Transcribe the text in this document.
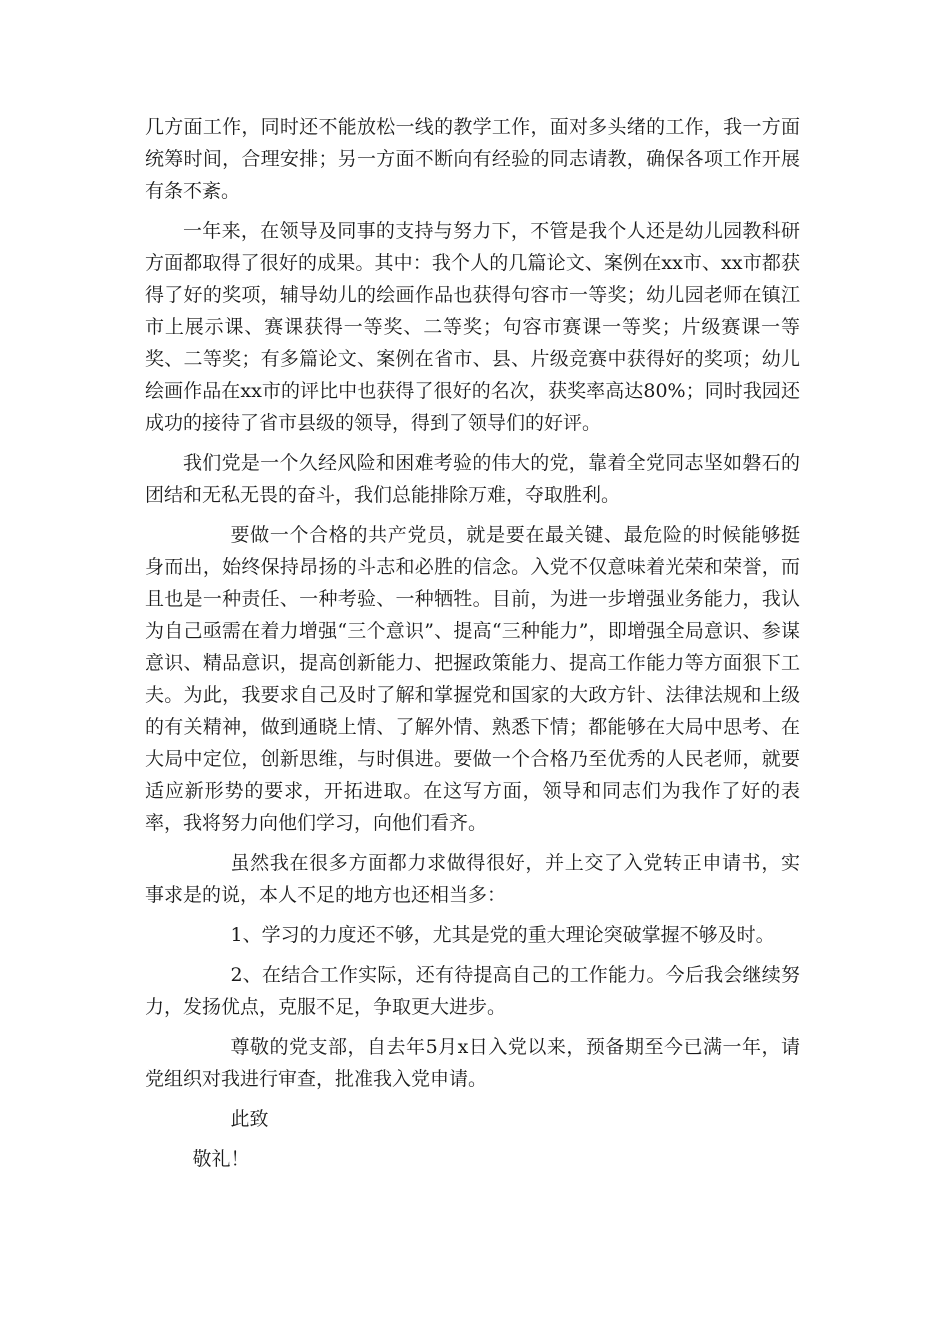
几方面工作，同时还不能放松一线的教学工作，面对多头绪的工作，我一方面统筹时间，合理安排；另一方面不断向有经验的同志请教，确保各项工作开展有条不紊。

一年来，在领导及同事的支持与努力下，不管是我个人还是幼儿园教科研方面都取得了很好的成果。其中：我个人的几篇论文、案例在xx市、xx市都获得了好的奖项，辅导幼儿的绘画作品也获得句容市一等奖；幼儿园老师在镇江市上展示课、赛课获得一等奖、二等奖；句容市赛课一等奖；片级赛课一等奖、二等奖；有多篇论文、案例在省市、县、片级竞赛中获得好的奖项；幼儿绘画作品在xx市的评比中也获得了很好的名次，获奖率高达80%；同时我园还成功的接待了省市县级的领导，得到了领导们的好评。

我们党是一个久经风险和困难考验的伟大的党，靠着全党同志坚如磐石的团结和无私无畏的奋斗，我们总能排除万难，夺取胜利。

要做一个合格的共产党员，就是要在最关键、最危险的时候能够挺身而出，始终保持昂扬的斗志和必胜的信念。入党不仅意味着光荣和荣誉，而且也是一种责任、一种考验、一种牺牲。目前，为进一步增强业务能力，我认为自己亟需在着力增强“三个意识”、提高“三种能力”，即增强全局意识、参谋意识、精品意识，提高创新能力、把握政策能力、提高工作能力等方面狠下工夫。为此，我要求自己及时了解和掌握党和国家的大政方针、法律法规和上级的有关精神，做到通晓上情、了解外情、熟悉下情；都能够在大局中思考、在大局中定位，创新思维，与时俱进。要做一个合格乃至优秀的人民老师，就要适应新形势的要求，开拓进取。在这写方面，领导和同志们为我作了好的表率，我将努力向他们学习，向他们看齐。

虽然我在很多方面都力求做得很好，并上交了入党转正申请书，实事求是的说，本人不足的地方也还相当多：

1、学习的力度还不够，尤其是党的重大理论突破掌握不够及时。

2、在结合工作实际，还有待提高自己的工作能力。今后我会继续努力，发扬优点，克服不足，争取更大进步。

尊敬的党支部，自去年5月x日入党以来，预备期至今已满一年，请党组织对我进行审查，批准我入党申请。

此致

敬礼！
